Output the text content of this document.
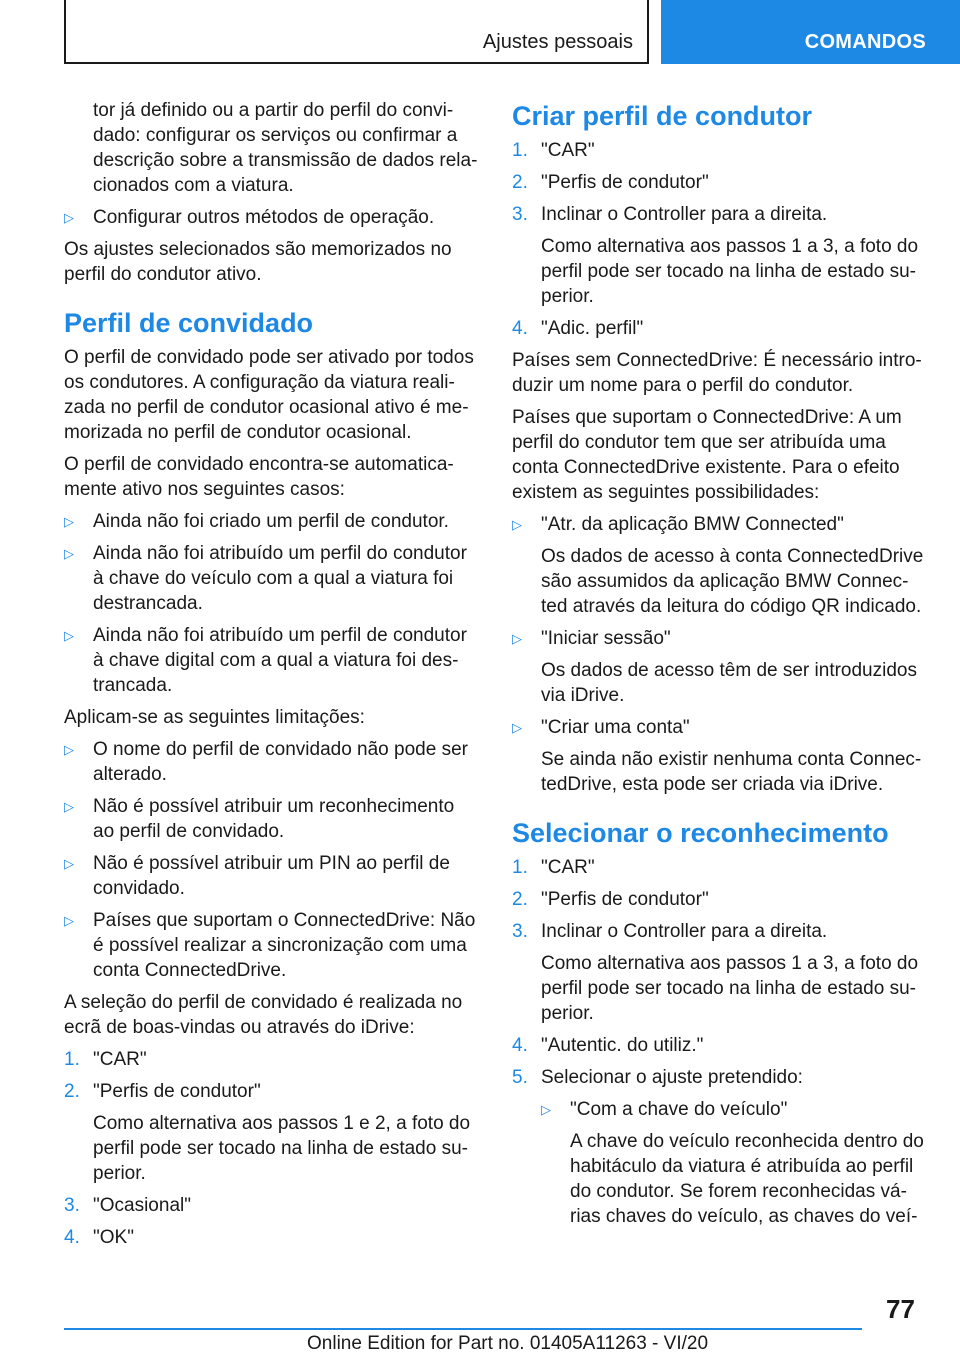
Ajustes pessoais	COMANDOS

tor já definido ou a partir do perfil do convi-
dado: configurar os serviços ou confirmar a
descrição sobre a transmissão de dados rela-
cionados com a viatura.

▷	Configurar outros métodos de operação.

Os ajustes selecionados são memorizados no perfil do condutor ativo.

Perfil de convidado

O perfil de convidado pode ser ativado por todos os condutores. A configuração da viatura reali-zada no perfil de condutor ocasional ativo é me-morizada no perfil de condutor ocasional.

O perfil de convidado encontra-se automatica-mente ativo nos seguintes casos:

▷	Ainda não foi criado um perfil de condutor.
▷	Ainda não foi atribuído um perfil do condutor à chave do veículo com a qual a viatura foi destrancada.
▷	Ainda não foi atribuído um perfil de condutor à chave digital com a qual a viatura foi des-trancada.

Aplicam-se as seguintes limitações:

▷	O nome do perfil de convidado não pode ser alterado.
▷	Não é possível atribuir um reconhecimento ao perfil de convidado.
▷	Não é possível atribuir um PIN ao perfil de convidado.
▷	Países que suportam o ConnectedDrive: Não é possível realizar a sincronização com uma conta ConnectedDrive.

A seleção do perfil de convidado é realizada no ecrã de boas-vindas ou através do iDrive:

1. "CAR"
2. "Perfis de condutor"

Como alternativa aos passos 1 e 2, a foto do perfil pode ser tocado na linha de estado su-perior.

3. "Ocasional"
4. "OK"
Criar perfil de condutor
1. "CAR"
2. "Perfis de condutor"
3. Inclinar o Controller para a direita.

Como alternativa aos passos 1 a 3, a foto do perfil pode ser tocado na linha de estado su-perior.

4. "Adic. perfil"

Países sem ConnectedDrive: É necessário intro-duzir um nome para o perfil do condutor.

Países que suportam o ConnectedDrive: A um perfil do condutor tem que ser atribuída uma conta ConnectedDrive existente. Para o efeito existem as seguintes possibilidades:

▷	"Atr. da aplicação BMW Connected"

Os dados de acesso à conta ConnectedDrive são assumidos da aplicação BMW Connec-ted através da leitura do código QR indicado.

▷	"Iniciar sessão"

Os dados de acesso têm de ser introduzidos via iDrive.

▷	"Criar uma conta"

Se ainda não existir nenhuma conta Connec-tedDrive, esta pode ser criada via iDrive.

Selecionar o reconhecimento
1. "CAR"
2. "Perfis de condutor"
3. Inclinar o Controller para a direita.

Como alternativa aos passos 1 a 3, a foto do perfil pode ser tocado na linha de estado su-perior.

4. "Autentic. do utiliz."
5. Selecionar o ajuste pretendido:
▷	"Com a chave do veículo"

A chave do veículo reconhecida dentro do habitáculo da viatura é atribuída ao perfil do condutor. Se forem reconhecidas vá-rias chaves do veículo, as chaves do veí-

77
Online Edition for Part no. 01405A11263 - VI/20
